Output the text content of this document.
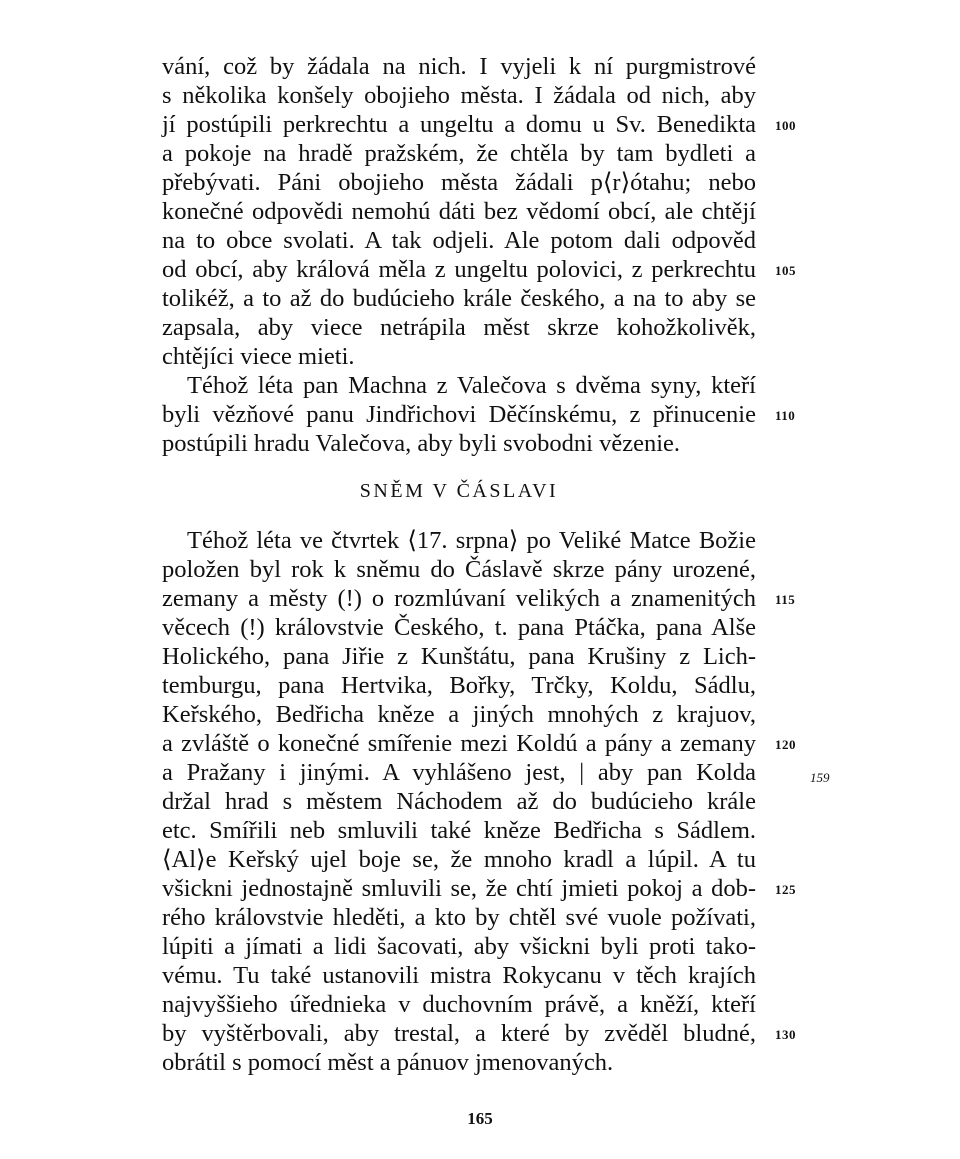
vání, což by žádala na nich. I vyjeli k ní purgmistrové
s několika konšely obojieho města. I žádala od nich, aby
jí postúpili perkrechtu a ungeltu a domu u Sv. Benedikta
a pokoje na hradě pražském, že chtěla by tam bydleti a
přebývati. Páni obojieho města žádali p⟨r⟩ótahu; nebo
konečné odpovědi nemohú dáti bez vědomí obcí, ale chtějí
na to obce svolati. A tak odjeli. Ale potom dali odpověd
od obcí, aby králová měla z ungeltu polovici, z perkrechtu
tolikéž, a to až do budúcieho krále českého, a na to aby se
zapsala, aby viece netrápila měst skrze kohožkolivěk,
chtějíci viece mieti.
Téhož léta pan Machna z Valečova s dvěma syny, kteří
byli vězňové panu Jindřichovi Děčínskému, z přinucenie
postúpili hradu Valečova, aby byli svobodni vězenie.
100
105
110
SNĚM V ČÁSLAVI
Téhož léta ve čtvrtek ⟨17. srpna⟩ po Veliké Matce Božie
položen byl rok k sněmu do Čáslavě skrze pány urozené,
zemany a městy (!) o rozmlúvaní velikých a znamenitých
věcech (!) královstvie Českého, t. pana Ptáčka, pana Alše
Holického, pana Jiřie z Kunštátu, pana Krušiny z Lich-
temburgu, pana Hertvika, Bořky, Trčky, Koldu, Sádlu,
Keřského, Bedřicha kněze a jiných mnohých z krajuov,
a zvláště o konečné smířenie mezi Koldú a pány a zemany
a Pražany i jinými. A vyhlášeno jest, | aby pan Kolda
držal hrad s městem Náchodem až do budúcieho krále
etc. Smířili neb smluvili také kněze Bedřicha s Sádlem.
⟨Al⟩e Keřský ujel boje se, že mnoho kradl a lúpil. A tu
všickni jednostajně smluvili se, že chtí jmieti pokoj a dob-
rého královstvie hleděti, a kto by chtěl své vuole požívati,
lúpiti a jímati a lidi šacovati, aby všickni byli proti tako-
vému. Tu také ustanovili mistra Rokycanu v těch krajích
najvyššieho úřednieka v duchovním právě, a kněží, kteří
by vyštěrbovali, aby trestal, a které by zvěděl bludné,
obrátil s pomocí měst a pánuov jmenovaných.
115
120
125
130
159
165
